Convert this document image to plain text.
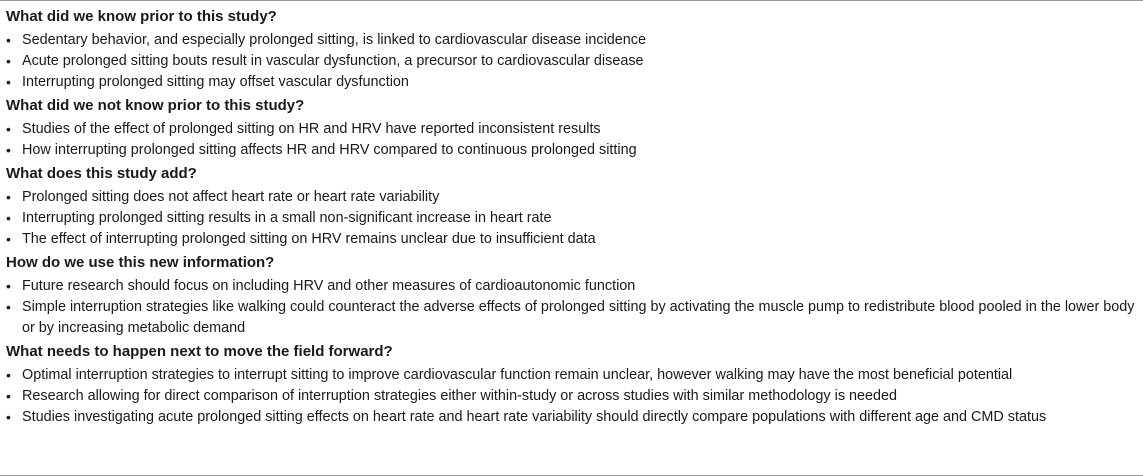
What did we know prior to this study?
• Sedentary behavior, and especially prolonged sitting, is linked to cardiovascular disease incidence
• Acute prolonged sitting bouts result in vascular dysfunction, a precursor to cardiovascular disease
• Interrupting prolonged sitting may offset vascular dysfunction
What did we not know prior to this study?
• Studies of the effect of prolonged sitting on HR and HRV have reported inconsistent results
• How interrupting prolonged sitting affects HR and HRV compared to continuous prolonged sitting
What does this study add?
• Prolonged sitting does not affect heart rate or heart rate variability
• Interrupting prolonged sitting results in a small non-significant increase in heart rate
• The effect of interrupting prolonged sitting on HRV remains unclear due to insufficient data
How do we use this new information?
• Future research should focus on including HRV and other measures of cardioautonomic function
• Simple interruption strategies like walking could counteract the adverse effects of prolonged sitting by activating the muscle pump to redistribute blood pooled in the lower body or by increasing metabolic demand
What needs to happen next to move the field forward?
• Optimal interruption strategies to interrupt sitting to improve cardiovascular function remain unclear, however walking may have the most beneficial potential
• Research allowing for direct comparison of interruption strategies either within-study or across studies with similar methodology is needed
• Studies investigating acute prolonged sitting effects on heart rate and heart rate variability should directly compare populations with different age and CMD status
